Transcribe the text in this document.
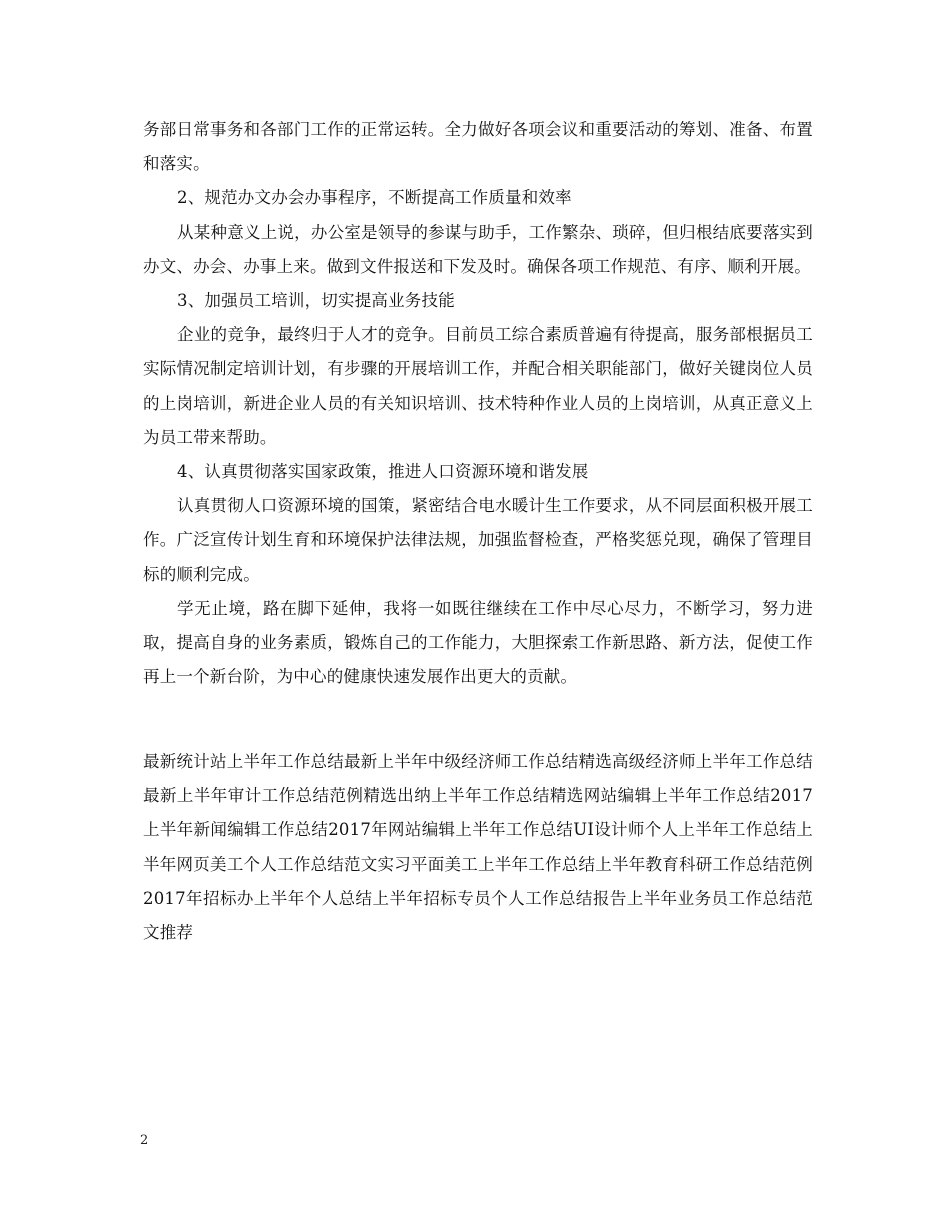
务部日常事务和各部门工作的正常运转。全力做好各项会议和重要活动的筹划、准备、布置和落实。

2、规范办文办会办事程序，不断提高工作质量和效率

从某种意义上说，办公室是领导的参谋与助手，工作繁杂、琐碎，但归根结底要落实到办文、办会、办事上来。做到文件报送和下发及时。确保各项工作规范、有序、顺利开展。

3、加强员工培训，切实提高业务技能

企业的竞争，最终归于人才的竞争。目前员工综合素质普遍有待提高，服务部根据员工实际情况制定培训计划，有步骤的开展培训工作，并配合相关职能部门，做好关键岗位人员的上岗培训，新进企业人员的有关知识培训、技术特种作业人员的上岗培训，从真正意义上为员工带来帮助。

4、认真贯彻落实国家政策，推进人口资源环境和谐发展

认真贯彻人口资源环境的国策，紧密结合电水暖计生工作要求，从不同层面积极开展工作。广泛宣传计划生育和环境保护法律法规，加强监督检查，严格奖惩兑现，确保了管理目标的顺利完成。

学无止境，路在脚下延伸，我将一如既往继续在工作中尽心尽力，不断学习，努力进取，提高自身的业务素质，锻炼自己的工作能力，大胆探索工作新思路、新方法，促使工作再上一个新台阶，为中心的健康快速发展作出更大的贡献。

最新统计站上半年工作总结最新上半年中级经济师工作总结精选高级经济师上半年工作总结最新上半年审计工作总结范例精选出纳上半年工作总结精选网站编辑上半年工作总结2017上半年新闻编辑工作总结2017年网站编辑上半年工作总结UI设计师个人上半年工作总结上半年网页美工个人工作总结范文实习平面美工上半年工作总结上半年教育科研工作总结范例2017年招标办上半年个人总结上半年招标专员个人工作总结报告上半年业务员工作总结范文推荐
2
